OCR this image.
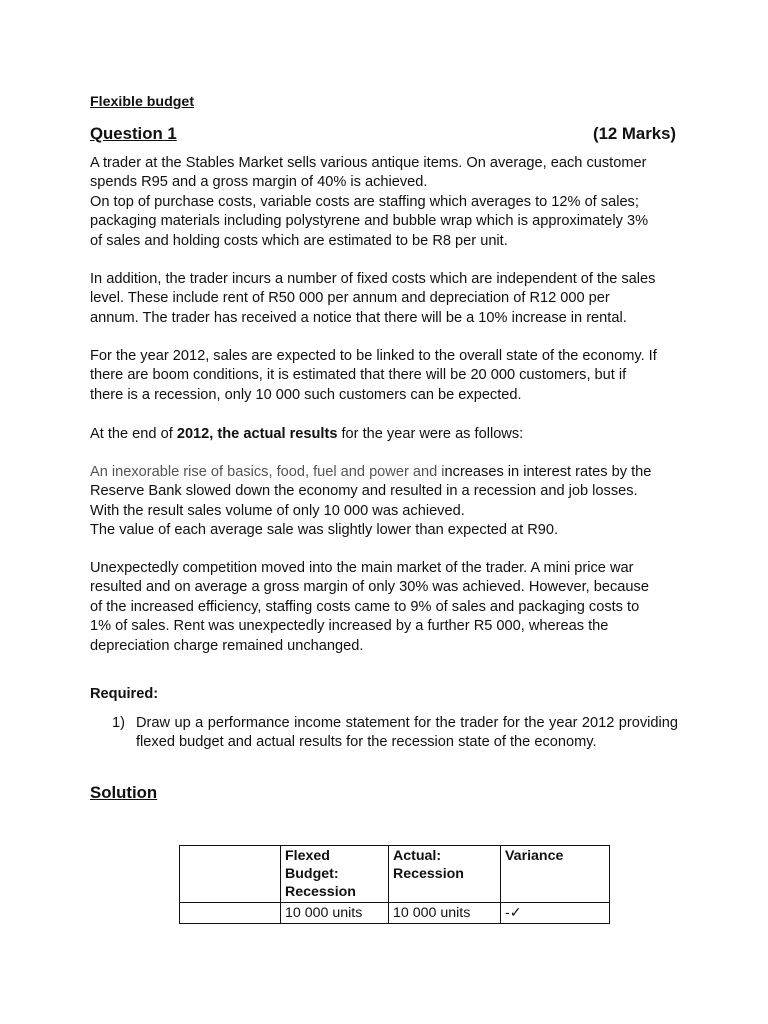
Flexible budget
Question 1	(12 Marks)

A trader at the Stables Market sells various antique items. On average, each customer
spends R95 and a gross margin of 40% is achieved.
On top of purchase costs, variable costs are staffing which averages to 12% of sales;
packaging materials including polystyrene and bubble wrap which is approximately 3%
of sales and holding costs which are estimated to be R8 per unit.

In addition, the trader incurs a number of fixed costs which are independent of the sales
level. These include rent of R50 000 per annum and depreciation of R12 000 per
annum. The trader has received a notice that there will be a 10% increase in rental.

For the year 2012, sales are expected to be linked to the overall state of the economy. If
there are boom conditions, it is estimated that there will be 20 000 customers, but if
there is a recession, only 10 000 such customers can be expected.

At the end of 2012, the actual results for the year were as follows:

An inexorable rise of basics, food, fuel and power and increases in interest rates by the
Reserve Bank slowed down the economy and resulted in a recession and job losses.
With the result sales volume of only 10 000 was achieved.
The value of each average sale was slightly lower than expected at R90.

Unexpectedly competition moved into the main market of the trader. A mini price war
resulted and on average a gross margin of only 30% was achieved. However, because
of the increased efficiency, staffing costs came to 9% of sales and packaging costs to
1% of sales. Rent was unexpectedly increased by a further R5 000, whereas the
depreciation charge remained unchanged.

Required:
1) Draw up a performance income statement for the trader for the year 2012 providing flexed budget and actual results for the recession state of the economy.
Solution
	Flexed Budget: Recession	Actual: Recession	Variance
	10 000 units	10 000 units	-✓
